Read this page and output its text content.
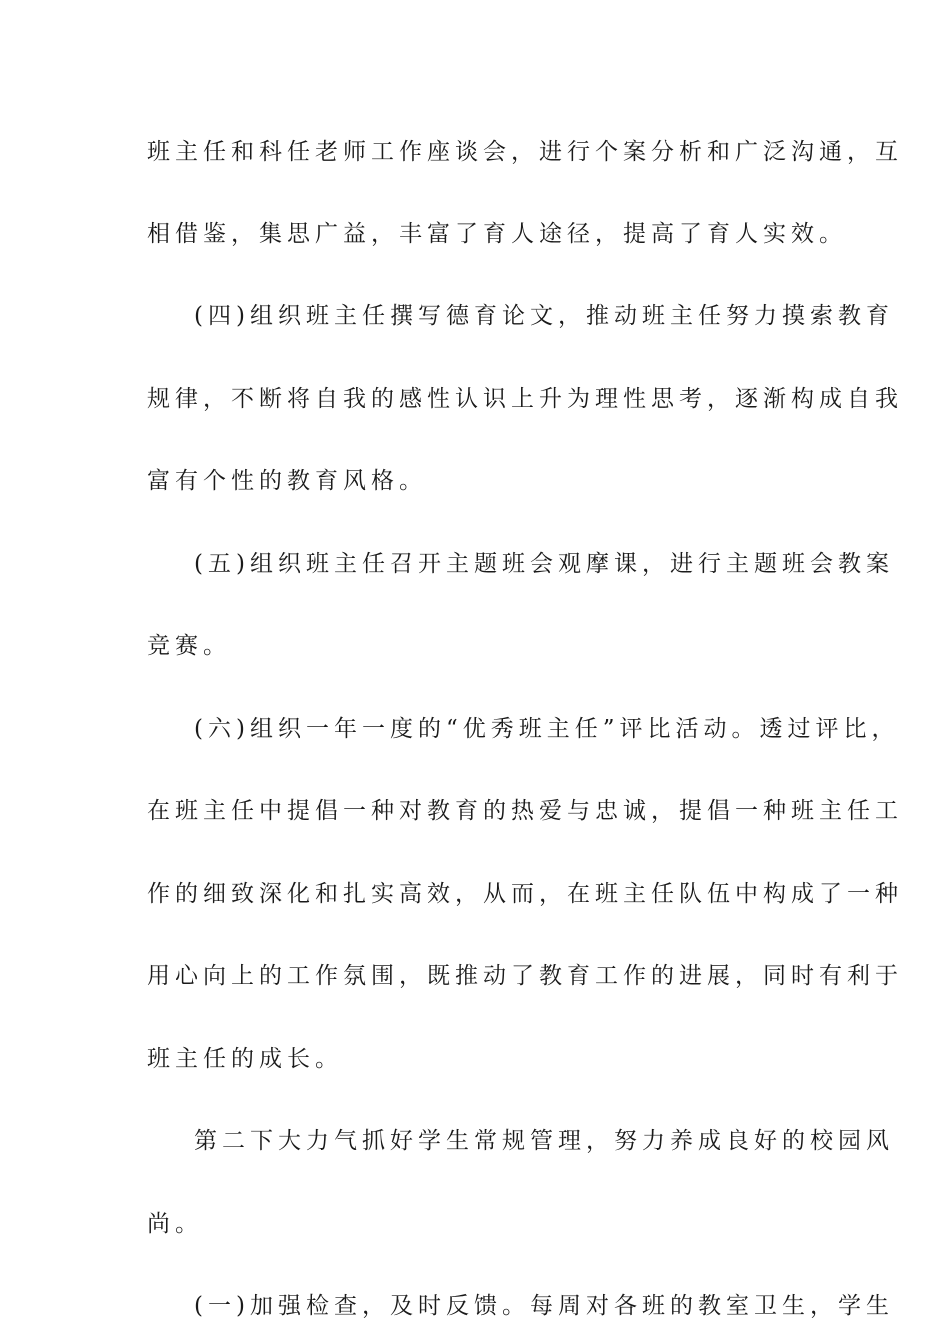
班主任和科任老师工作座谈会，进行个案分析和广泛沟通，互
相借鉴，集思广益，丰富了育人途径，提高了育人实效。
(四)组织班主任撰写德育论文，推动班主任努力摸索教育
规律，不断将自我的感性认识上升为理性思考，逐渐构成自我
富有个性的教育风格。
(五)组织班主任召开主题班会观摩课，进行主题班会教案
竞赛。
(六)组织一年一度的“优秀班主任”评比活动。透过评比，
在班主任中提倡一种对教育的热爱与忠诚，提倡一种班主任工
作的细致深化和扎实高效，从而，在班主任队伍中构成了一种
用心向上的工作氛围，既推动了教育工作的进展，同时有利于
班主任的成长。
第二下大力气抓好学生常规管理，努力养成良好的校园风
尚。
(一)加强检查，及时反馈。每周对各班的教室卫生，学生
